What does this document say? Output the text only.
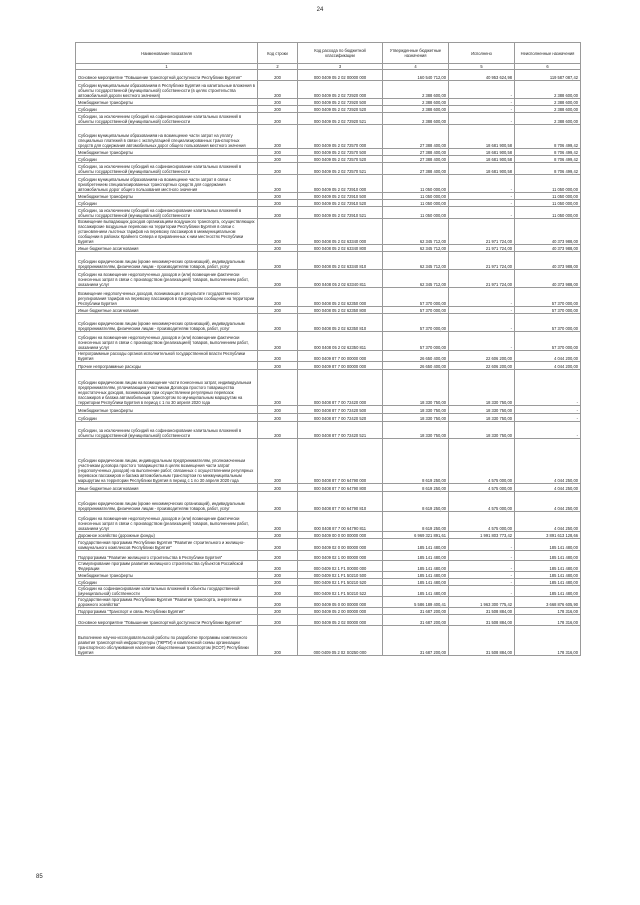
24
Наименование показателя	Код строки	Код расхода по бюджетной классификации	Утвержденные бюджетные назначения	Исполнено	Неисполненные назначения
1	2	3	4	5	6
Основное мероприятие "Повышение транспортной доступности Республики Бурятия"	200	000 0409 05 2 02 00000 000	160 540 712,00	40 953 624,98	119 587 087,42
Субсидии муниципальным образованиям в Республике Бурятия на капитальные вложения в объекты государственной (муниципальной) собственности (в целях строительства автомобильной дороги местного значения)	200	000 0409 05 2 02 72920 000	2 388 600,00	-	2 388 600,00
Межбюджетные трансферты	200	000 0409 05 2 02 72920 500	2 388 600,00	-	2 388 600,00
Субсидии	200	000 0409 05 2 02 72920 520	2 388 600,00	-	2 388 600,00
Субсидии, за исключением субсидий на софинансирование капитальных вложений в объекты государственной (муниципальной) собственности	200	000 0409 05 2 02 72920 521	2 388 600,00	-	2 388 600,00
Субсидии муниципальным образованиям на возмещение части затрат на уплату специальных платежей в связи с эксплуатацией специализированных транспортных средств для содержания автомобильных дорог общего пользования местного значения	200	000 0409 05 2 02 72570 000	27 388 400,00	18 681 900,58	8 706 499,42
Межбюджетные трансферты	200	000 0409 05 2 02 72570 500	27 388 400,00	18 681 900,58	8 706 499,42
Субсидии	200	000 0409 05 2 02 72570 520	27 388 400,00	18 681 900,58	8 706 499,42
Субсидии, за исключением субсидий на софинансирование капитальных вложений в объекты государственной (муниципальной) собственности	200	000 0409 05 2 02 72570 521	27 388 400,00	18 681 900,58	8 706 499,42
Субсидии муниципальным образованиям на возмещение части затрат в связи с приобретением специализированных транспортных средств для содержания автомобильных дорог общего пользования местного значения	200	000 0409 05 2 02 72910 000	11 050 000,00	-	11 050 000,00
Межбюджетные трансферты	200	000 0409 05 2 02 72910 500	11 050 000,00	-	11 050 000,00
Субсидии	200	000 0409 05 2 02 72910 520	11 050 000,00	-	11 050 000,00
Субсидии, за исключением субсидий на софинансирование капитальных вложений в объекты государственной (муниципальной) собственности	200	000 0409 05 2 02 72910 521	11 050 000,00	-	11 050 000,00
Возмещение выпадающих доходов организациям воздушного транспорта, осуществляющих пассажирские воздушные перевозки на территории Республики Бурятия в связи с установлением льготных тарифов на перевозку пассажиров в межмуниципальном сообщении в районах Крайнего Севера и приравненных к ним местностях Республики Бурятия	200	000 0408 05 2 02 63340 000	62 345 712,00	21 971 724,00	40 373 988,00
Иные бюджетные ассигнования	200	000 0408 05 2 02 63340 800	62 345 712,00	21 971 724,00	40 373 988,00
Субсидии юридическим лицам (кроме некоммерческих организаций), индивидуальным предпринимателям, физическим лицам - производителям товаров, работ, услуг	200	000 0408 05 2 02 63340 810	62 345 712,00	21 971 724,00	40 373 988,00
Субсидии на возмещение недополученных доходов и (или) возмещение фактически понесенных затрат в связи с производством (реализацией) товаров, выполнением работ, оказанием услуг	200	000 0408 05 2 02 63340 811	62 345 712,00	21 971 724,00	40 373 988,00
Возмещение недополученных доходов, возникающих в результате государственного регулирования тарифов на перевозку пассажиров в пригородном сообщении на территории Республики Бурятия	200	000 0408 05 2 02 62350 000	57 370 000,00	-	57 370 000,00
Иные бюджетные ассигнования	200	000 0408 05 2 02 62350 800	57 370 000,00	-	57 370 000,00
Субсидии юридическим лицам (кроме некоммерческих организаций), индивидуальным предпринимателям, физическим лицам - производителям товаров, работ, услуг	200	000 0408 05 2 02 62350 810	57 370 000,00	-	57 370 000,00
Субсидии на возмещение недополученных доходов и (или) возмещение фактически понесенных затрат в связи с производством (реализацией) товаров, выполнением работ, оказанием услуг	200	000 0408 05 2 02 62350 811	57 370 000,00	-	57 370 000,00
Непрограммные расходы органов исполнительной государственной власти Республики Бурятия	200	000 0409 87 7 00 00000 000	26 650 400,00	22 606 200,00	4 044 200,00
Прочие непрограммные расходы	200	000 0409 87 7 00 00000 000	26 650 400,00	22 606 200,00	4 044 200,00
Субсидии юридическим лицам на возмещение части понесенных затрат, индивидуальным предпринимателям, уплачивающим участникам Договора простого товарищества недостаточных доходов, возникающих при осуществлении регулярных перевозок пассажиров и багажа автомобильным транспортом по муниципальным маршрутам на территории Республики Бурятия в период с 1 по 30 апреля 2020 года	200	000 0408 87 7 00 72420 000	18 330 750,00	18 330 750,00	-
Межбюджетные трансферты	200	000 0408 87 7 00 72420 500	18 330 750,00	18 330 750,00	-
Субсидии	200	000 0408 87 7 00 72420 520	18 330 750,00	18 330 750,00	-
Субсидии, за исключением субсидий на софинансирование капитальных вложений в объекты государственной (муниципальной) собственности	200	000 0408 87 7 00 72420 521	18 330 750,00	18 330 750,00	-
Субсидии юридическим лицам, индивидуальным предпринимателям, уполномоченным участникам договора простого товарищества в целях возмещения части затрат (недополученных доходов) на выполнение работ, связанных с осуществлением регулярных перевозок пассажиров и багажа автомобильным транспортом по межмуниципальным маршрутам на территории Республики Бурятия в период с 1 по 30 апреля 2020 года	200	000 0408 87 7 00 64790 000	8 619 250,00	4 575 000,00	4 044 250,00
Иные бюджетные ассигнования	200	000 0408 87 7 00 64790 800	8 619 250,00	4 575 000,00	4 044 250,00
Субсидии юридическим лицам (кроме некоммерческих организаций), индивидуальным предпринимателям, физическим лицам - производителям товаров, работ, услуг	200	000 0408 87 7 00 64790 810	8 619 250,00	4 575 000,00	4 044 250,00
Субсидии на возмещение недополученных доходов и (или) возмещение фактически понесенных затрат в связи с производством (реализацией) товаров, выполнением работ, оказанием услуг	200	000 0408 87 7 00 64790 811	8 619 250,00	4 575 000,00	4 044 250,00
Дорожное хозяйство (дорожные фонды)	200	000 0409 00 0 00 00000 000	6 969 321 891,61	1 991 803 773,42	3 891 613 128,66
Государственная программа Республики Бурятия "Развитие строительного и жилищно-коммунального комплексов Республики Бурятия"	200	000 0409 02 0 00 00000 000	185 141 480,00	-	185 141 480,00
Подпрограмма "Развитие жилищного строительства в Республике Бурятия"	200	000 0409 02 1 00 00000 000	185 141 480,00	-	185 141 480,00
Стимулирование программ развития жилищного строительства субъектов Российской Федерации	200	000 0409 02 1 F1 00000 000	185 141 480,00	-	185 141 480,00
Межбюджетные трансферты	200	000 0409 02 1 F1 50210 500	185 141 480,00	-	185 141 480,00
Субсидии	200	000 0409 02 1 F1 50210 520	185 141 480,00	-	185 141 480,00
Субсидии на софинансирование капитальных вложений в объекты государственной (муниципальной) собственности	200	000 0409 02 1 F1 50210 522	185 141 480,00	-	185 141 480,00
Государственная программа Республики Бурятия "Развитие транспорта, энергетики и дорожного хозяйства"	200	000 0409 05 0 00 00000 000	5 586 189 400,41	1 963 300 775,42	3 668 876 605,90
Подпрограмма "Транспорт и связь Республики Бурятия"	200	000 0409 05 2 00 00000 000	31 687 200,00	31 508 884,00	178 316,00
Основное мероприятие "Повышение транспортной доступности Республики Бурятия"	200	000 0409 05 2 02 00000 000	31 687 200,00	31 508 884,00	178 316,00
Выполнение научно-исследовательской работы по разработке программы комплексного развития транспортной инфраструктуры (ПКРТИ) и комплексной схемы организации транспортного обслуживания населения общественным транспортом (КСОТ) Республики Бурятия	200	000 0409 05 2 02 S0250 000	31 687 200,00	31 508 884,00	178 316,00
85
